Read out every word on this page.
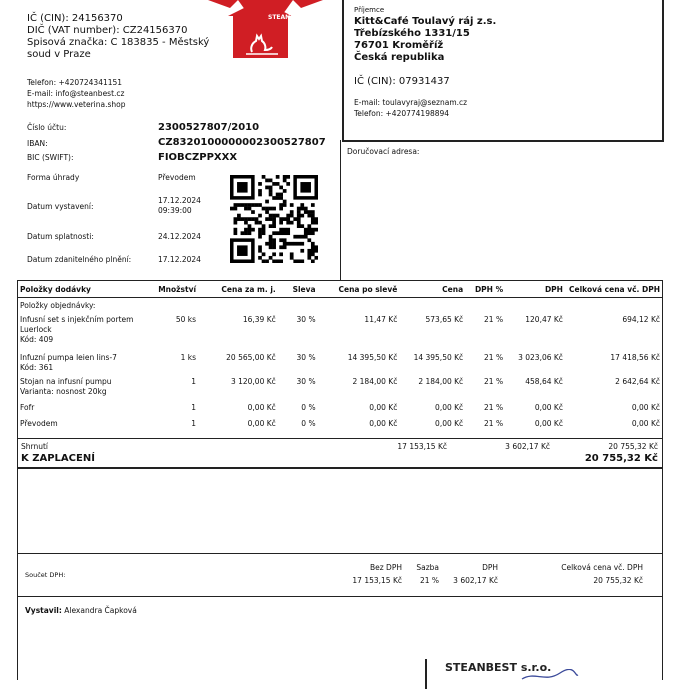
STEANBEST
IČ (CIN): 24156370
DIČ (VAT number): CZ24156370
Spisová značka: C 183835 - Městský
soud v Praze
Telefon: +420724341151
E-mail: info@steanbest.cz
https://www.veterina.shop
Číslo účtu:	2300527807/2010
IBAN:	CZ8320100000002300527807
BIC (SWIFT):	FIOBCZPPXXX
Forma úhrady	Převodem
Datum vystavení:
17.12.2024
09:39:00
Datum splatnosti:	24.12.2024
Datum zdanitelného plnění:	17.12.2024
Příjemce
Kitt&Café Toulavý ráj z.s.
Třebízského 1331/15
76701 Kroměříž
Česká republika
IČ (CIN): 07931437
E-mail: toulavyraj@seznam.cz
Telefon: +420774198894
Doručovací adresa:
Položky dodávky	Množství	Cena za m. j.	Sleva	Cena po slevě	Cena	DPH %	DPH	Celková cena vč. DPH
Položky objednávky:								

Infusní set s injekčním portem
Luerlock
Kód: 409	50 ks	16,39 Kč	30 %	11,47 Kč	573,65 Kč	21 %	120,47 Kč	694,12 Kč

Infuzní pumpa leien lins-7
Kód: 361	1 ks	20 565,00 Kč	30 %	14 395,50 Kč	14 395,50 Kč	21 %	3 023,06 Kč	17 418,56 Kč

Stojan na infusní pumpu
Varianta: nosnost 20kg	1	3 120,00 Kč	30 %	2 184,00 Kč	2 184,00 Kč	21 %	458,64 Kč	2 642,64 Kč

Fofr	1	0,00 Kč	0 %	0,00 Kč	0,00 Kč	21 %	0,00 Kč	0,00 Kč

Převodem	1	0,00 Kč	0 %	0,00 Kč	0,00 Kč	21 %	0,00 Kč	0,00 Kč
Shrnutí	17 153,15 Kč	3 602,17 Kč	20 755,32 Kč
K ZAPLACENÍ	20 755,32 Kč
Součet DPH:
Bez DPH	Sazba	DPH	Celková cena vč. DPH
17 153,15 Kč	21 %	3 602,17 Kč	20 755,32 Kč
Vystavil: Alexandra Čapková
STEANBEST s.r.o.
